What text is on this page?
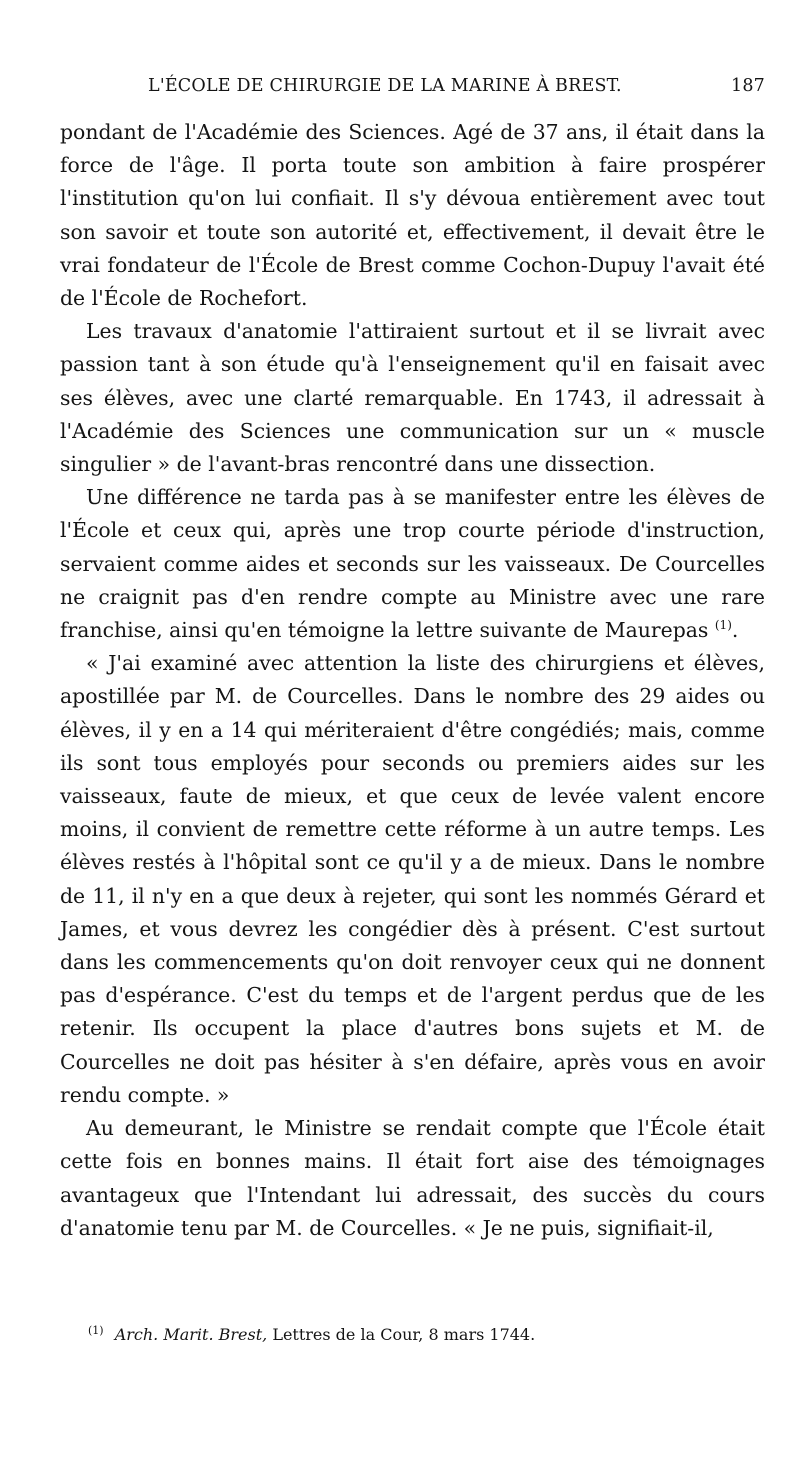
L'ÉCOLE DE CHIRURGIE DE LA MARINE À BREST.	187

pondant de l'Académie des Sciences. Agé de 37 ans, il était dans la force de l'âge. Il porta toute son ambition à faire prospérer l'institution qu'on lui confiait. Il s'y dévoua entièrement avec tout son savoir et toute son autorité et, effectivement, il devait être le vrai fondateur de l'École de Brest comme Cochon-Dupuy l'avait été de l'École de Rochefort.

Les travaux d'anatomie l'attiraient surtout et il se livrait avec passion tant à son étude qu'à l'enseignement qu'il en faisait avec ses élèves, avec une clarté remarquable. En 1743, il adressait à l'Académie des Sciences une communication sur un « muscle singulier » de l'avant-bras rencontré dans une dissection.

Une différence ne tarda pas à se manifester entre les élèves de l'École et ceux qui, après une trop courte période d'instruction, servaient comme aides et seconds sur les vaisseaux. De Courcelles ne craignit pas d'en rendre compte au Ministre avec une rare franchise, ainsi qu'en témoigne la lettre suivante de Maurepas $^{(1)}$.

« J'ai examiné avec attention la liste des chirurgiens et élèves, apostillée par M. de Courcelles. Dans le nombre des 29 aides ou élèves, il y en a 14 qui mériteraient d'être congédiés; mais, comme ils sont tous employés pour seconds ou premiers aides sur les vaisseaux, faute de mieux, et que ceux de levée valent encore moins, il convient de remettre cette réforme à un autre temps. Les élèves restés à l'hôpital sont ce qu'il y a de mieux. Dans le nombre de 11, il n'y en a que deux à rejeter, qui sont les nommés Gérard et James, et vous devrez les congédier dès à présent. C'est surtout dans les commencements qu'on doit renvoyer ceux qui ne donnent pas d'espérance. C'est du temps et de l'argent perdus que de les retenir. Ils occupent la place d'autres bons sujets et M. de Courcelles ne doit pas hésiter à s'en défaire, après vous en avoir rendu compte. »

Au demeurant, le Ministre se rendait compte que l'École était cette fois en bonnes mains. Il était fort aise des témoignages avantageux que l'Intendant lui adressait, des succès du cours d'anatomie tenu par M. de Courcelles. « Je ne puis, signifiait-il,

$^{(1)}$ Arch. Marit. Brest, Lettres de la Cour, 8 mars 1744.
